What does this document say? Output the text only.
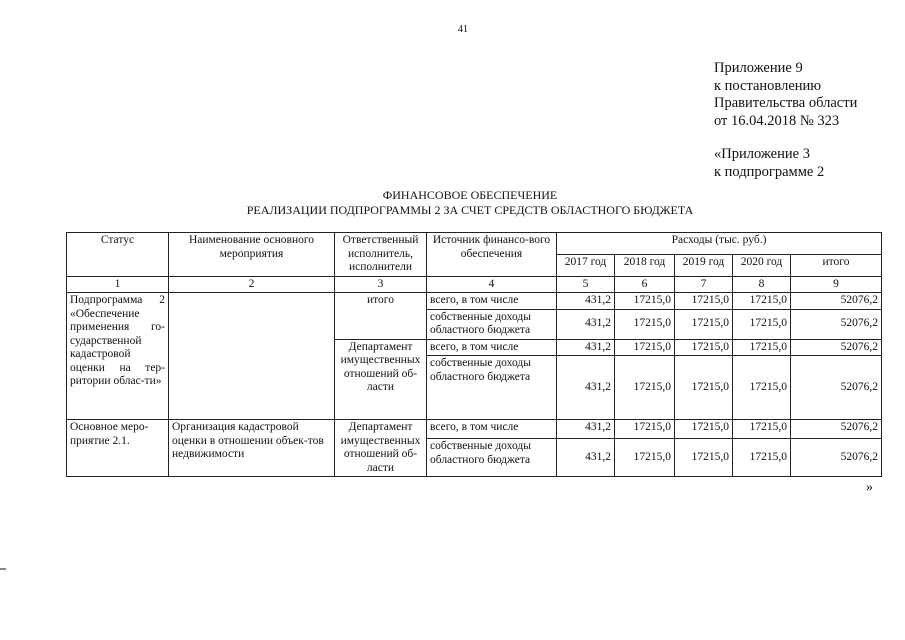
41
Приложение 9
к постановлению
Правительства области
от 16.04.2018 № 323
«Приложение 3
к подпрограмме 2
ФИНАНСОВОЕ ОБЕСПЕЧЕНИЕ
РЕАЛИЗАЦИИ ПОДПРОГРАММЫ 2 ЗА СЧЕТ СРЕДСТВ ОБЛАСТНОГО БЮДЖЕТА
Статус	Наименование основного мероприятия	Ответственный исполнитель, исполнители	Источник финансо-вого обеспечения	Расходы (тыс. руб.)				
				2017 год	2018 год	2019 год	2020 год	итого
1	2	3	4	5	6	7	8	9
Подпрограмма 2 «Обеспечение применения го-сударственной кадастровой оценки на тер-ритории облас-ти»		итого	всего, в том числе	431,2	17215,0	17215,0	17215,0	52076,2
			собственные доходы областного бюджета	431,2	17215,0	17215,0	17215,0	52076,2
		Департамент имущественных отношений об-ласти	всего, в том числе	431,2	17215,0	17215,0	17215,0	52076,2
			собственные доходы областного бюджета	431,2	17215,0	17215,0	17215,0	52076,2
Основное меро-приятие 2.1.	Организация кадастровой оценки в отношении объек-тов недвижимости	Департамент имущественных отношений об-ласти	всего, в том числе	431,2	17215,0	17215,0	17215,0	52076,2
			собственные доходы областного бюджета	431,2	17215,0	17215,0	17215,0	52076,2
»
